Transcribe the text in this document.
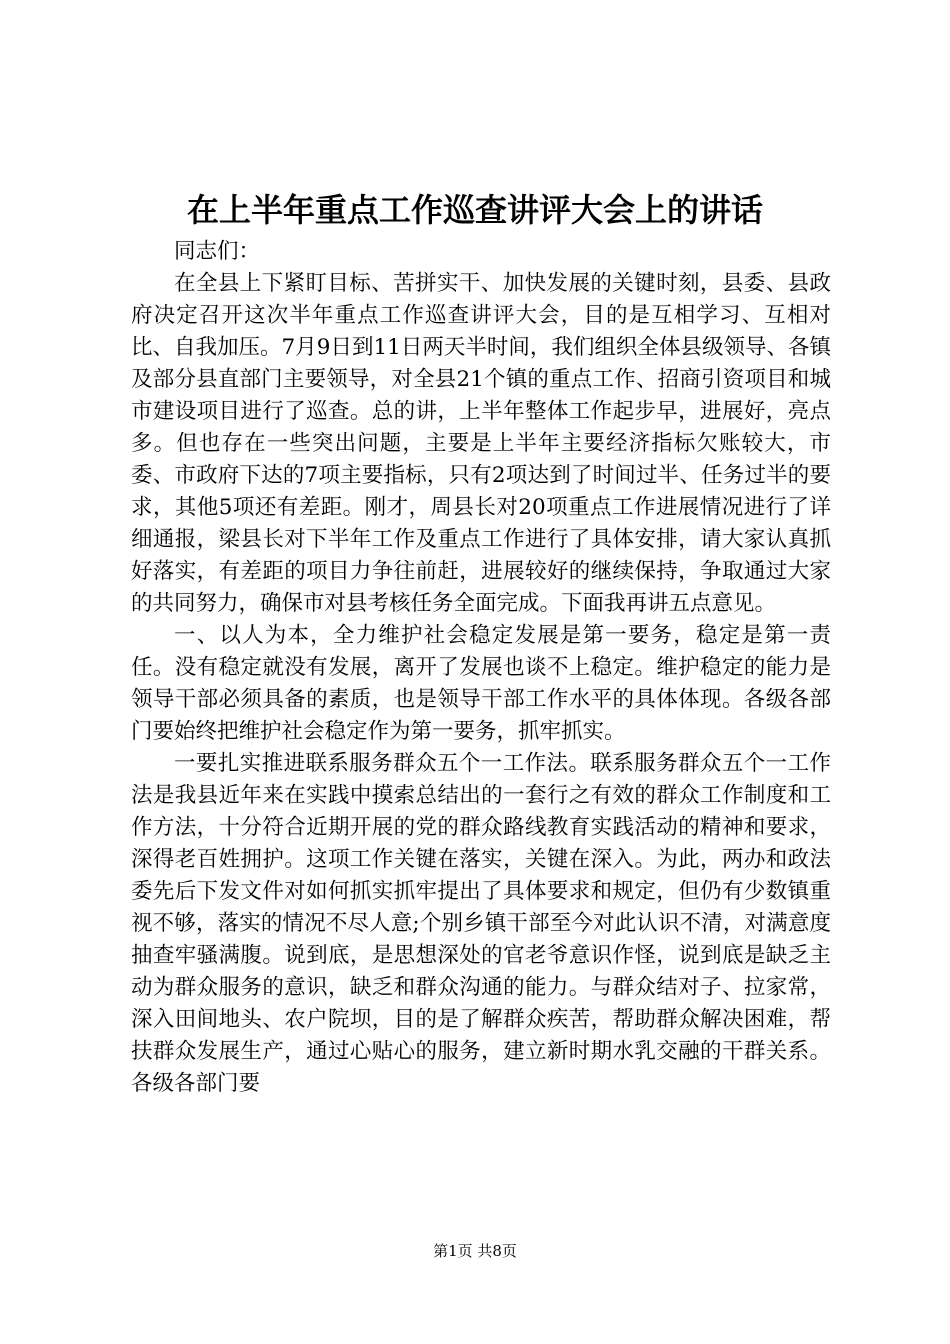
在上半年重点工作巡查讲评大会上的讲话

同志们：

在全县上下紧盯目标、苦拼实干、加快发展的关键时刻，县委、县政府决定召开这次半年重点工作巡查讲评大会，目的是互相学习、互相对比、自我加压。7月9日到11日两天半时间，我们组织全体县级领导、各镇及部分县直部门主要领导，对全县21个镇的重点工作、招商引资项目和城市建设项目进行了巡查。总的讲，上半年整体工作起步早，进展好，亮点多。但也存在一些突出问题，主要是上半年主要经济指标欠账较大，市委、市政府下达的7项主要指标，只有2项达到了时间过半、任务过半的要求，其他5项还有差距。刚才，周县长对20项重点工作进展情况进行了详细通报，梁县长对下半年工作及重点工作进行了具体安排，请大家认真抓好落实，有差距的项目力争往前赶，进展较好的继续保持，争取通过大家的共同努力，确保市对县考核任务全面完成。下面我再讲五点意见。

一、以人为本，全力维护社会稳定发展是第一要务，稳定是第一责任。没有稳定就没有发展，离开了发展也谈不上稳定。维护稳定的能力是领导干部必须具备的素质，也是领导干部工作水平的具体体现。各级各部门要始终把维护社会稳定作为第一要务，抓牢抓实。

一要扎实推进联系服务群众五个一工作法。联系服务群众五个一工作法是我县近年来在实践中摸索总结出的一套行之有效的群众工作制度和工作方法，十分符合近期开展的党的群众路线教育实践活动的精神和要求，深得老百姓拥护。这项工作关键在落实，关键在深入。为此，两办和政法委先后下发文件对如何抓实抓牢提出了具体要求和规定，但仍有少数镇重视不够，落实的情况不尽人意;个别乡镇干部至今对此认识不清，对满意度抽查牢骚满腹。说到底，是思想深处的官老爷意识作怪，说到底是缺乏主动为群众服务的意识，缺乏和群众沟通的能力。与群众结对子、拉家常，深入田间地头、农户院坝，目的是了解群众疾苦，帮助群众解决困难，帮扶群众发展生产，通过心贴心的服务，建立新时期水乳交融的干群关系。各级各部门要

第1页 共8页
